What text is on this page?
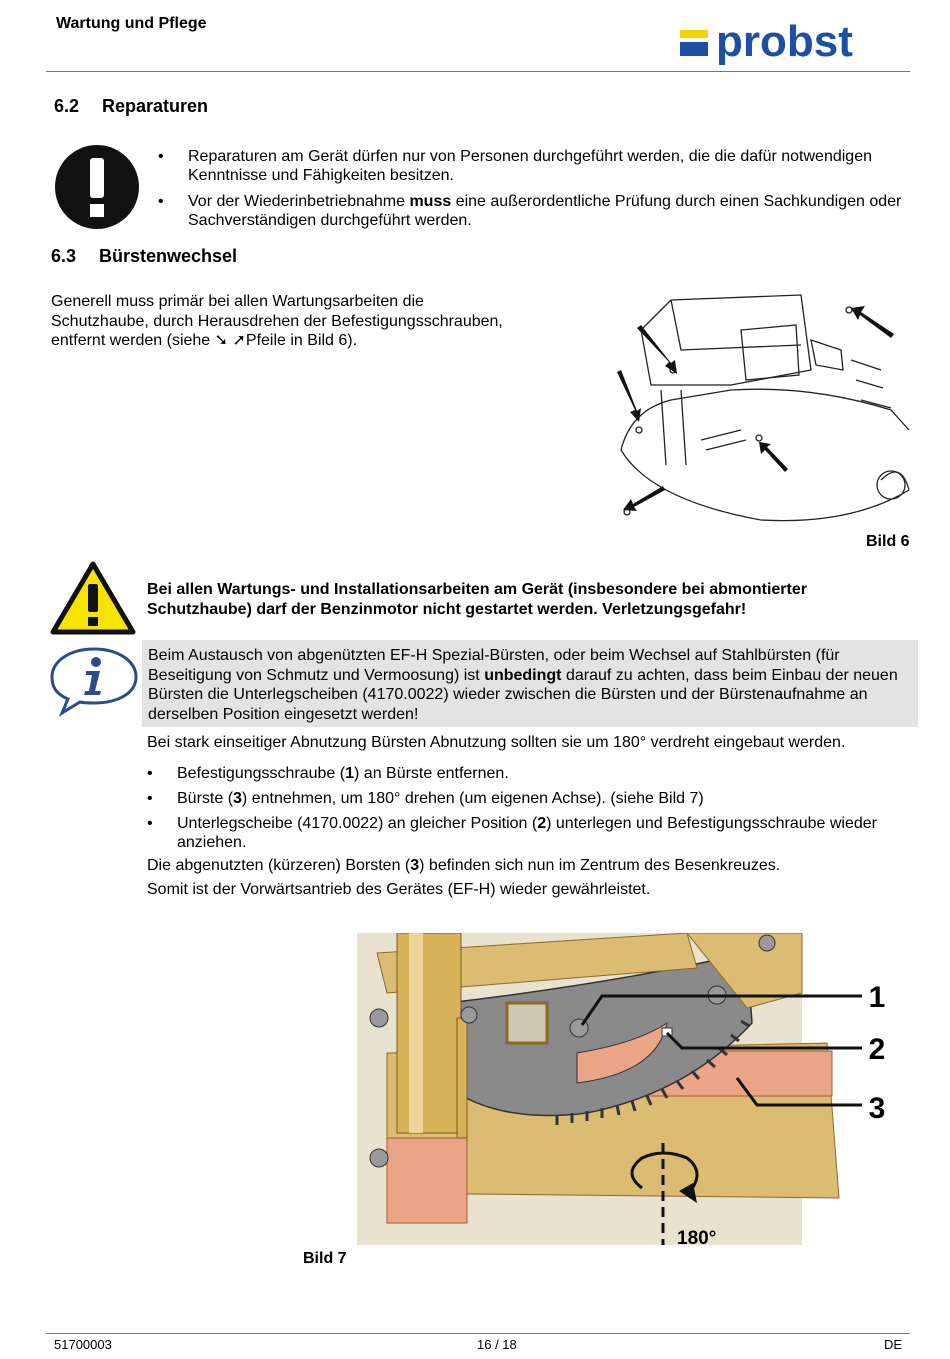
Wartung und Pflege	probst
6.2 Reparaturen
• Reparaturen am Gerät dürfen nur von Personen durchgeführt werden, die die dafür notwendigen Kenntnisse und Fähigkeiten besitzen.
• Vor der Wiederinbetriebnahme muss eine außerordentliche Prüfung durch einen Sachkundigen oder Sachverständigen durchgeführt werden.
6.3 Bürstenwechsel
Generell muss primär bei allen Wartungsarbeiten die Schutzhaube, durch Herausdrehen der Befestigungsschrauben, entfernt werden (siehe ➘ ➚Pfeile in Bild 6).
Bild 6
Bei allen Wartungs- und Installationsarbeiten am Gerät (insbesondere bei abmontierter Schutzhaube) darf der Benzinmotor nicht gestartet werden. Verletzungsgefahr!
Beim Austausch von abgenützten EF-H Spezial-Bürsten, oder beim Wechsel auf Stahlbürsten (für Beseitigung von Schmutz und Vermoosung) ist unbedingt darauf zu achten, dass beim Einbau der neuen Bürsten die Unterlegscheiben (4170.0022) wieder zwischen die Bürsten und der Bürstenaufnahme an derselben Position eingesetzt werden!
Bei stark einseitiger Abnutzung Bürsten Abnutzung sollten sie um 180° verdreht eingebaut werden.
• Befestigungsschraube (1) an Bürste entfernen.
• Bürste (3) entnehmen, um 180° drehen (um eigenen Achse). (siehe Bild 7)
• Unterlegscheibe (4170.0022) an gleicher Position (2) unterlegen und Befestigungsschraube wieder anziehen.
Die abgenutzten (kürzeren) Borsten (3) befinden sich nun im Zentrum des Besenkreuzes.
Somit ist der Vorwärtsantrieb des Gerätes (EF-H) wieder gewährleistet.
1
2
3
180°
Bild 7
51700003	16 / 18	DE
